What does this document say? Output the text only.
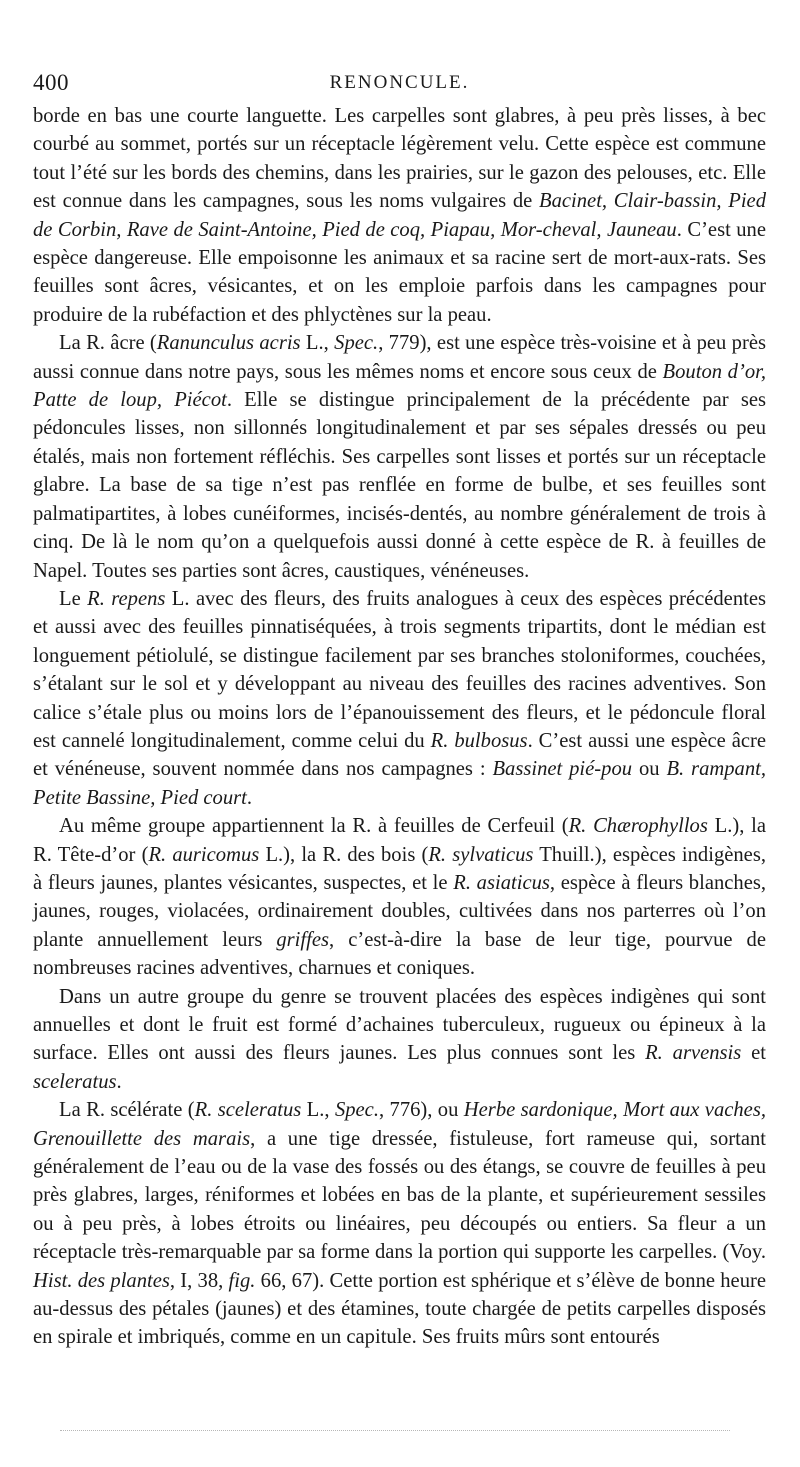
400	RENONCULE.

borde en bas une courte languette. Les carpelles sont glabres, à peu près lisses, à bec courbé au sommet, portés sur un réceptacle légèrement velu. Cette espèce est commune tout l’été sur les bords des chemins, dans les prairies, sur le gazon des pelouses, etc. Elle est connue dans les campagnes, sous les noms vulgaires de Bacinet, Clair-bassin, Pied de Corbin, Rave de Saint-Antoine, Pied de coq, Piapau, Mor-cheval, Jauneau. C’est une espèce dangereuse. Elle empoisonne les animaux et sa racine sert de mort-aux-rats. Ses feuilles sont âcres, vésicantes, et on les emploie parfois dans les campagnes pour produire de la rubéfaction et des phlyctènes sur la peau.

La R. âcre (Ranunculus acris L., Spec., 779), est une espèce très-voisine et à peu près aussi connue dans notre pays, sous les mêmes noms et encore sous ceux de Bouton d’or, Patte de loup, Piécot. Elle se distingue principalement de la précédente par ses pédoncules lisses, non sillonnés longitudinalement et par ses sépales dressés ou peu étalés, mais non fortement réfléchis. Ses carpelles sont lisses et portés sur un réceptacle glabre. La base de sa tige n’est pas renflée en forme de bulbe, et ses feuilles sont palmatipartites, à lobes cunéiformes, incisés-dentés, au nombre généralement de trois à cinq. De là le nom qu’on a quelquefois aussi donné à cette espèce de R. à feuilles de Napel. Toutes ses parties sont âcres, caustiques, vénéneuses.

Le R. repens L. avec des fleurs, des fruits analogues à ceux des espèces précédentes et aussi avec des feuilles pinnatiséquées, à trois segments tripartits, dont le médian est longuement pétiolulé, se distingue facilement par ses branches stoloniformes, couchées, s’étalant sur le sol et y développant au niveau des feuilles des racines adventives. Son calice s’étale plus ou moins lors de l’épanouissement des fleurs, et le pédoncule floral est cannelé longitudinalement, comme celui du R. bulbosus. C’est aussi une espèce âcre et vénéneuse, souvent nommée dans nos campagnes : Bassinet pié-pou ou B. rampant, Petite Bassine, Pied court.

Au même groupe appartiennent la R. à feuilles de Cerfeuil (R. Chærophyllos L.), la R. Tête-d’or (R. auricomus L.), la R. des bois (R. sylvaticus Thuill.), espèces indigènes, à fleurs jaunes, plantes vésicantes, suspectes, et le R. asiaticus, espèce à fleurs blanches, jaunes, rouges, violacées, ordinairement doubles, cultivées dans nos parterres où l’on plante annuellement leurs griffes, c’est-à-dire la base de leur tige, pourvue de nombreuses racines adventives, charnues et coniques.

Dans un autre groupe du genre se trouvent placées des espèces indigènes qui sont annuelles et dont le fruit est formé d’achaines tuberculeux, rugueux ou épineux à la surface. Elles ont aussi des fleurs jaunes. Les plus connues sont les R. arvensis et sceleratus.

La R. scélérate (R. sceleratus L., Spec., 776), ou Herbe sardonique, Mort aux vaches, Grenouillette des marais, a une tige dressée, fistuleuse, fort rameuse qui, sortant généralement de l’eau ou de la vase des fossés ou des étangs, se couvre de feuilles à peu près glabres, larges, réniformes et lobées en bas de la plante, et supérieurement sessiles ou à peu près, à lobes étroits ou linéaires, peu découpés ou entiers. Sa fleur a un réceptacle très-remarquable par sa forme dans la portion qui supporte les carpelles. (Voy. Hist. des plantes, I, 38, fig. 66, 67). Cette portion est sphérique et s’élève de bonne heure au-dessus des pétales (jaunes) et des étamines, toute chargée de petits carpelles disposés en spirale et imbriqués, comme en un capitule. Ses fruits mûrs sont entourés
